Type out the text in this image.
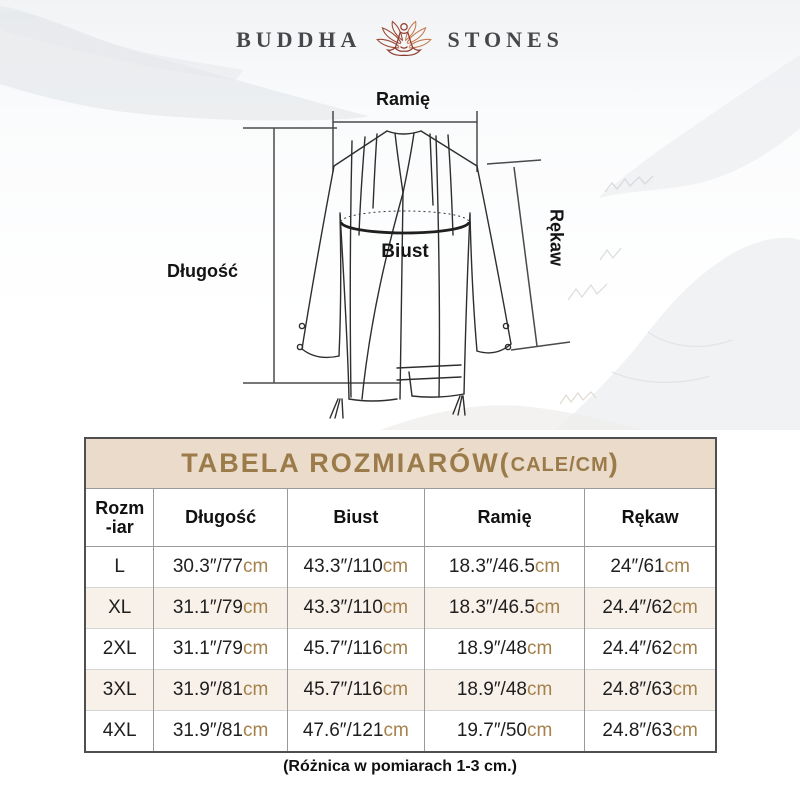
BUDDHA	STONES
Ramię
Długość
Biust	Rękaw
TABELA ROZMIARÓW( CALE/CM )
Rozm
-iar	Długość	Biust	Ramię	Rękaw
L	30.3″/77cm	43.3″/110cm	18.3″/46.5cm	24″/61cm
XL	31.1″/79cm	43.3″/110cm	18.3″/46.5cm	24.4″/62cm
2XL	31.1″/79cm	45.7″/116cm	18.9″/48cm	24.4″/62cm
3XL	31.9″/81cm	45.7″/116cm	18.9″/48cm	24.8″/63cm
4XL	31.9″/81cm	47.6″/121cm	19.7″/50cm	24.8″/63cm
(Różnica w pomiarach 1-3 cm.)
